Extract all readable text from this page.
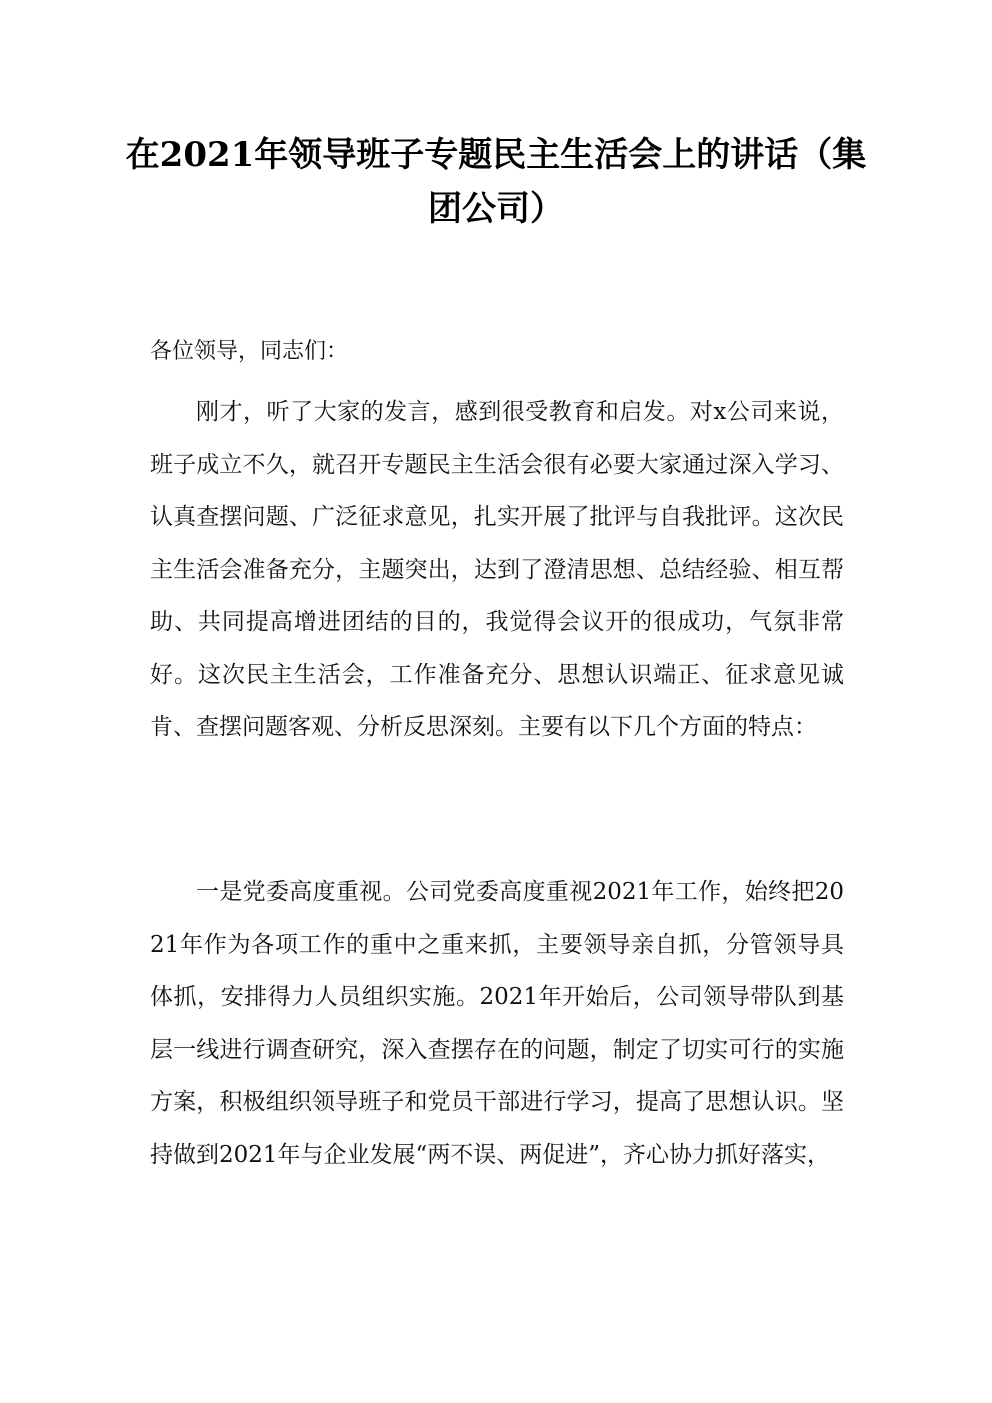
在2021年领导班子专题民主生活会上的讲话（集团公司）

各位领导，同志们：

刚才，听了大家的发言，感到很受教育和启发。对x公司来说，班子成立不久，就召开专题民主生活会很有必要大家通过深入学习、认真查摆问题、广泛征求意见，扎实开展了批评与自我批评。这次民主生活会准备充分，主题突出，达到了澄清思想、总结经验、相互帮助、共同提高增进团结的目的，我觉得会议开的很成功，气氛非常好。这次民主生活会，工作准备充分、思想认识端正、征求意见诚肯、查摆问题客观、分析反思深刻。主要有以下几个方面的特点：

一是党委高度重视。公司党委高度重视2021年工作，始终把2021年作为各项工作的重中之重来抓，主要领导亲自抓，分管领导具体抓，安排得力人员组织实施。2021年开始后，公司领导带队到基层一线进行调查研究，深入查摆存在的问题，制定了切实可行的实施方案，积极组织领导班子和党员干部进行学习，提高了思想认识。坚持做到2021年与企业发展“两不误、两促进”，齐心协力抓好落实，
